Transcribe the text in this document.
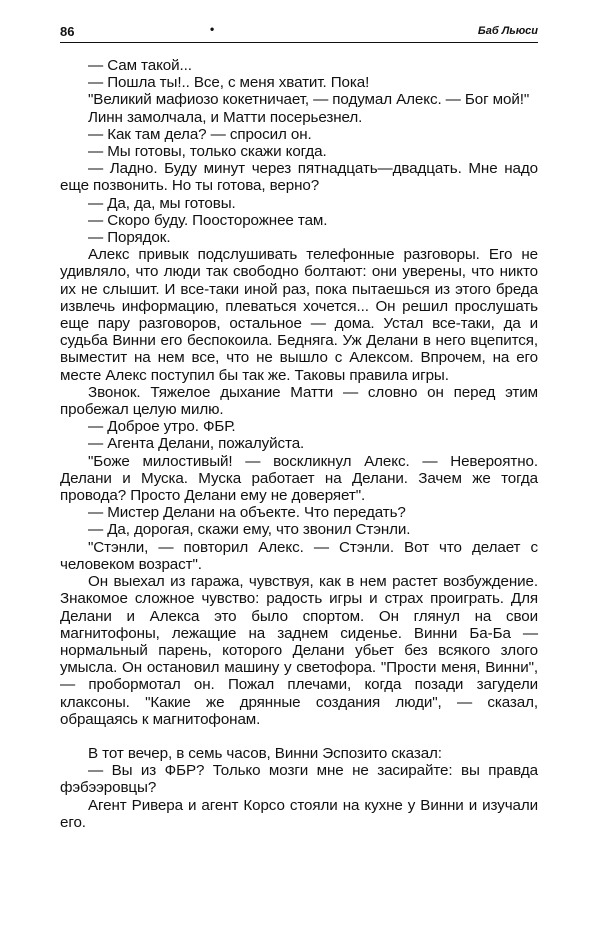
86	•	Баб Льюси

— Сам такой...

— Пошла ты!.. Все, с меня хватит. Пока!

"Великий мафиозо кокетничает, — подумал Алекс. — Бог мой!"

Линн замолчала, и Матти посерьезнел.

— Как там дела? — спросил он.

— Мы готовы, только скажи когда.

— Ладно. Буду минут через пятнадцать—двадцать. Мне надо еще позвонить. Но ты готова, верно?

— Да, да, мы готовы.

— Скоро буду. Поосторожнее там.

— Порядок.

Алекс привык подслушивать телефонные разговоры. Его не удивляло, что люди так свободно болтают: они уверены, что никто их не слышит. И все-таки иной раз, пока пытаешься из этого бреда извлечь информацию, плеваться хочется... Он решил прослушать еще пару разговоров, остальное — дома. Устал все-таки, да и судьба Винни его беспокоила. Бедняга. Уж Делани в него вцепится, выместит на нем все, что не вышло с Алексом. Впрочем, на его месте Алекс поступил бы так же. Таковы правила игры.

Звонок. Тяжелое дыхание Матти — словно он перед этим пробежал целую милю.

— Доброе утро. ФБР.

— Агента Делани, пожалуйста.

"Боже милостивый! — воскликнул Алекс. — Невероятно. Делани и Муска. Муска работает на Делани. Зачем же тогда провода? Просто Делани ему не доверяет".

— Мистер Делани на объекте. Что передать?

— Да, дорогая, скажи ему, что звонил Стэнли.

"Стэнли, — повторил Алекс. — Стэнли. Вот что делает с человеком возраст".

Он выехал из гаража, чувствуя, как в нем растет возбуждение. Знакомое сложное чувство: радость игры и страх проиграть. Для Делани и Алекса это было спортом. Он глянул на свои магнитофоны, лежащие на заднем сиденье. Винни Ба-Ба — нормальный парень, которого Делани убьет без всякого злого умысла. Он остановил машину у светофора. "Прости меня, Винни", — пробормотал он. Пожал плечами, когда позади загудели клаксоны. "Какие же дрянные создания люди", — сказал, обращаясь к магнитофонам.

В тот вечер, в семь часов, Винни Эспозито сказал:

— Вы из ФБР? Только мозги мне не засирайте: вы правда фэбээровцы?

Агент Ривера и агент Корсо стояли на кухне у Винни и изучали его.
